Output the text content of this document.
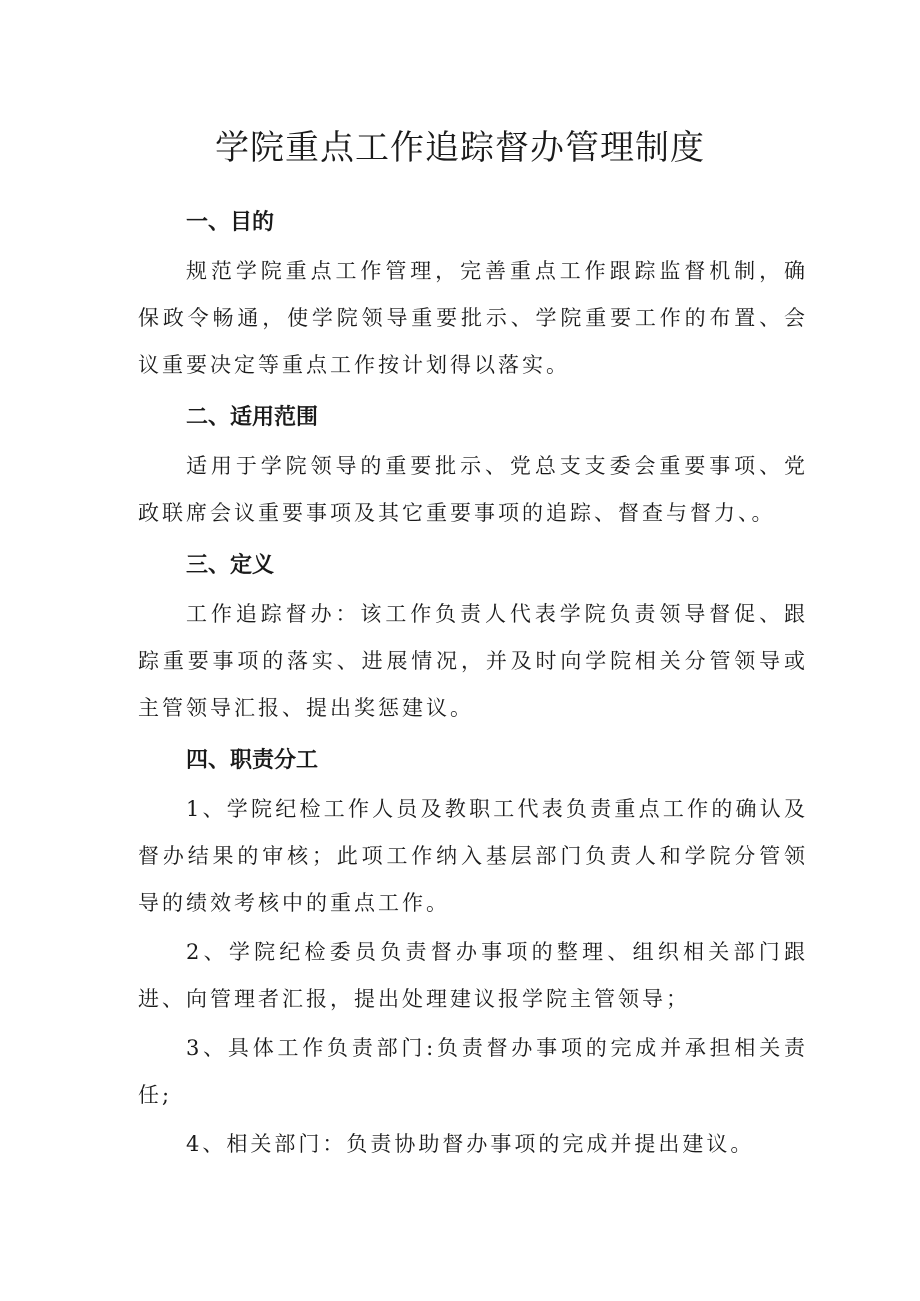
学院重点工作追踪督办管理制度

一、目的

规范学院重点工作管理，完善重点工作跟踪监督机制，确保政令畅通，使学院领导重要批示、学院重要工作的布置、会议重要决定等重点工作按计划得以落实。

二、适用范围

适用于学院领导的重要批示、党总支支委会重要事项、党政联席会议重要事项及其它重要事项的追踪、督查与督力、。

三、定义

工作追踪督办：该工作负责人代表学院负责领导督促、跟踪重要事项的落实、进展情况，并及时向学院相关分管领导或主管领导汇报、提出奖惩建议。

四、职责分工

1、学院纪检工作人员及教职工代表负责重点工作的确认及督办结果的审核；此项工作纳入基层部门负责人和学院分管领导的绩效考核中的重点工作。

2、学院纪检委员负责督办事项的整理、组织相关部门跟进、向管理者汇报，提出处理建议报学院主管领导；

3、具体工作负责部门:负责督办事项的完成并承担相关责任;

4、相关部门：负责协助督办事项的完成并提出建议。
